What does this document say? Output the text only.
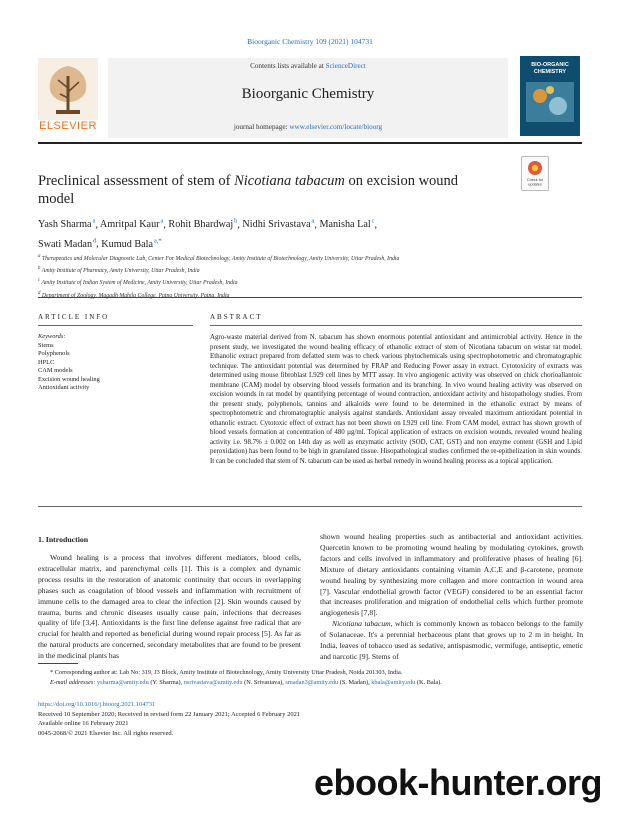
Bioorganic Chemistry 109 (2021) 104731
ELSEVIER
Contents lists available at ScienceDirect
Bioorganic Chemistry
journal homepage: www.elsevier.com/locate/bioorg
BIO-ORGANIC CHEMISTRY
Preclinical assessment of stem of Nicotiana tabacum on excision wound model
Check for
updates
Yash Sharma $^a$, Amritpal Kaur $^a$, Rohit Bhardwaj $^b$, Nidhi Srivastava $^a$, Manisha Lal $^c$,
Swati Madan $^d$, Kumud Bala $^{a,*}$
$^a$ Therapeutics and Molecular Diagnostic Lab, Center For Medical Biotechnology, Amity Institute of Biotechnology, Amity University, Uttar Pradesh, India
$^b$ Amity Institute of Pharmacy, Amity University, Uttar Pradesh, India
$^c$ Amity Institute of Indian System of Medicine, Amity University, Uttar Pradesh, India
$^d$ Department of Zoology, Magadh Mahila College, Patna University, Patna, India
ARTICLE INFO	ABSTRACT
Keywords:
Stems
Polyphenols
HPLC
CAM models
Excision wound healing
Antioxidant activity
Agro-waste material derived from N. tabacum has shown enormous potential antioxidant and antimicrobial activity. Hence in the present study, we investigated the wound healing efficacy of ethanolic extract of stem of Nicotiana tabacum on wistar rat model. Ethanolic extract prepared from defatted stem was to check various phytochemicals using spectrophotometric and chromatographic technique. The antioxidant potential was determined by FRAP and Reducing Power assay in extract. Cytotoxicity of extracts was determined using mouse fibroblast L929 cell lines by MTT assay. In vivo angiogenic activity was observed on chick chorioallantoic membrane (CAM) model by observing blood vessels formation and its branching. In vivo wound healing activity was observed on excision wounds in rat model by quantifying percentage of wound contraction, antioxidant activity and histopathology studies. From the present study, polyphenols, tannins and alkaloids were found to be determined in the ethanolic extract by means of spectrophotometric and chromatographic analysis against standards. Antioxidant assay revealed maximum antioxidant potential in ethanolic extract. Cytotoxic effect of extract has not been shown on L929 cell line. From CAM model, extract has shown growth of blood vessels formation at concentration of 480 µg/ml. Topical application of extracts on excision wounds, revealed wound healing activity i.e. 98.7% ± 0.002 on 14th day as well as enzymatic activity (SOD, CAT, GST) and non enzyme content (GSH and Lipid peroxidation) has been found to be high in granulated tissue. Hisopathological studies confirmed the re-epithelization in skin wounds. It can be concluded that stem of N. tabacum can be used as herbal remedy in wound healing process as a topical application.
1. Introduction
Wound healing is a process that involves different mediators, blood cells, extracellular matrix, and parenchymal cells [1]. This is a complex and dynamic process results in the restoration of anatomic continuity that occurs in overlapping phases such as coagulation of blood vessels and inflammation with recruitment of immune cells to the damaged area to clear the infection [2]. Skin wounds caused by trauma, burns and chronic diseases usually cause pain, infections that decreases quality of life [3,4]. Antioxidants is the first line defense against free radical that are crucial for health and reported as beneficial during wound repair process [5]. As far as the natural products are concerned, secondary metabolites that are found to be present in the medicinal plants has
shown wound healing properties such as antibacterial and antioxidant activities. Quercetin known to be promoting wound healing by modulating cytokines, growth factors and cells involved in inflammatory and proliferative phases of healing [6]. Mixture of dietary antioxidants containing vitamin A,C,E and β-carotene, promote wound healing by synthesizing more collagen and more contraction in wound area [7]. Vascular endothelial growth factor (VEGF) considered to be an essential factor that increases proliferation and migration of endothelial cells which further promote angiogenesis [7,8].
Nicotiana tabacum, which is commonly known as tobacco belongs to the family of Solanaceae. It's a perennial herbaceous plant that grows up to 2 m in height. In India, leaves of tobacco used as sedative, antispasmodic, vermifuge, antiseptic, emetic and narcotic [9]. Stems of
* Corresponding author at: Lab No: 319, J3 Block, Amity Institute of Biotechnology, Amity University Uttar Pradesh, Noida 201303, India.
E-mail addresses: ysharma@amity.edu (Y. Sharma), nsrivastava@amity.edu (N. Srivastava), smadan3@amity.edu (S. Madan), kbala@amity.edu (K. Bala).
https://doi.org/10.1016/j.bioorg.2021.104731
Received 10 September 2020; Received in revised form 22 January 2021; Accepted 6 February 2021
Available online 16 February 2021
0045-2068/© 2021 Elsevier Inc. All rights reserved.
ebook-hunter.org
